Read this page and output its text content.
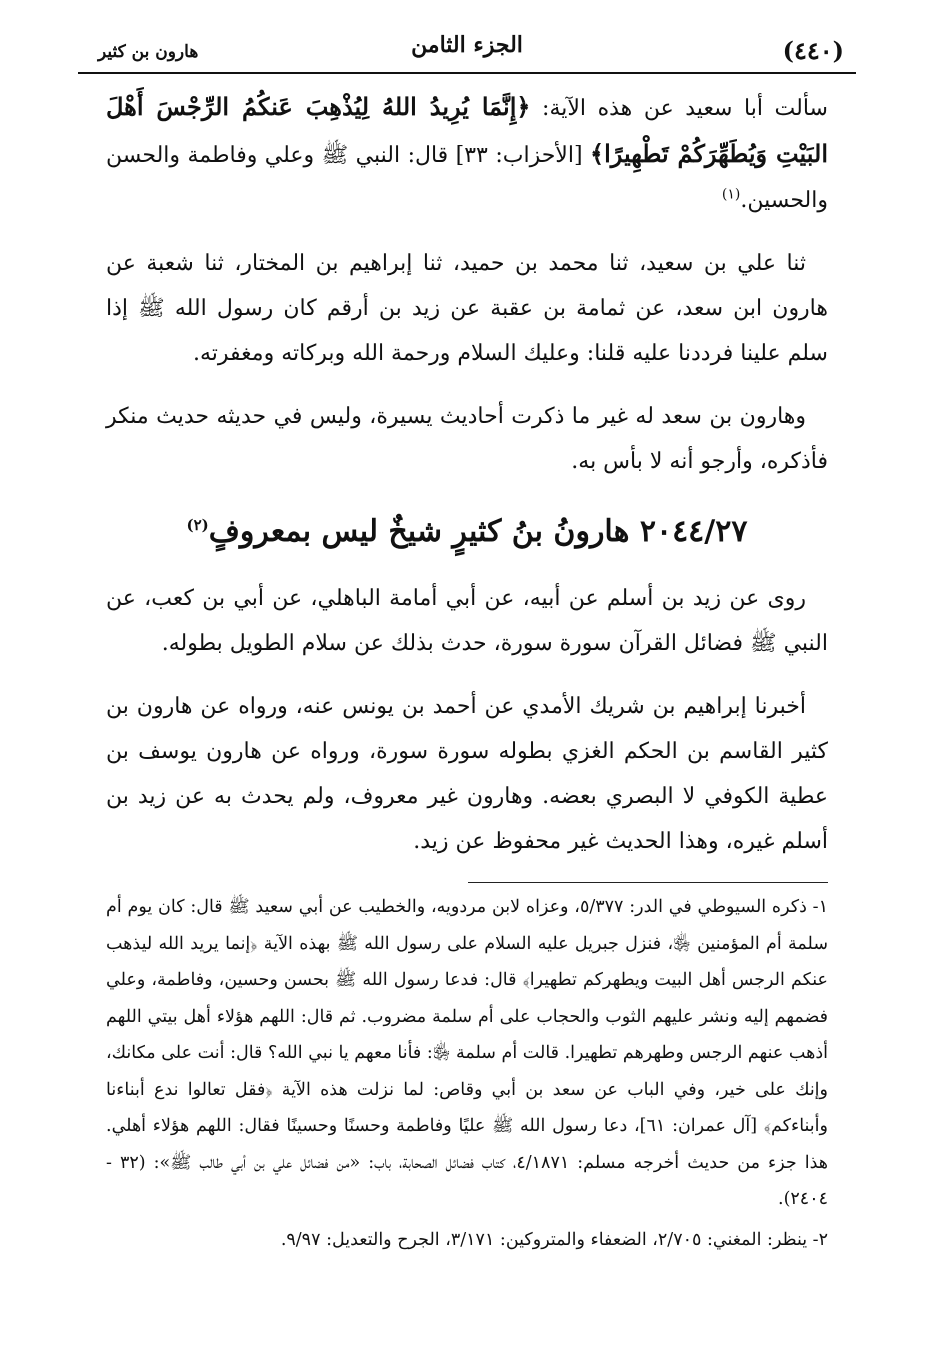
(٤٤٠)
الجزء الثامن
هارون بن كثير

سألت أبا سعيد عن هذه الآية: ﴿إِنَّمَا يُرِيدُ اللهُ لِيُذْهِبَ عَنكُمُ الرِّجْسَ أَهْلَ البَيْتِ وَيُطَهِّرَكُمْ تَطْهِيرًا﴾ [الأحزاب: ٣٣] قال: النبي ﷺ وعلي وفاطمة والحسن والحسين.$^{(١)}$

ثنا علي بن سعيد، ثنا محمد بن حميد، ثنا إبراهيم بن المختار، ثنا شعبة عن هارون ابن سعد، عن ثمامة بن عقبة عن زيد بن أرقم كان رسول الله ﷺ إذا سلم علينا فرددنا عليه قلنا: وعليك السلام ورحمة الله وبركاته ومغفرته.

وهارون بن سعد له غير ما ذكرت أحاديث يسيرة، وليس في حديثه حديث منكر فأذكره، وأرجو أنه لا بأس به.

٢٠٤٤/٢٧ هارونُ بنُ كثيرٍ شيخٌ ليس بمعروفٍ$^{(٢)}$

روى عن زيد بن أسلم عن أبيه، عن أبي أمامة الباهلي، عن أبي بن كعب، عن النبي ﷺ فضائل القرآن سورة سورة، حدث بذلك عن سلام الطويل بطوله.

أخبرنا إبراهيم بن شريك الأمدي عن أحمد بن يونس عنه، ورواه عن هارون بن كثير القاسم بن الحكم الغزي بطوله سورة سورة، ورواه عن هارون يوسف بن عطية الكوفي لا البصري بعضه. وهارون غير معروف، ولم يحدث به عن زيد بن أسلم غيره، وهذا الحديث غير محفوظ عن زيد.

١- ذكره السيوطي في الدر: ٥/٣٧٧، وعزاه لابن مردويه، والخطيب عن أبي سعيد ﷺ قال: كان يوم أم سلمة أم المؤمنين ﵂، فنزل جبريل عليه السلام على رسول الله ﷺ بهذه الآية ﴿إنما يريد الله ليذهب عنكم الرجس أهل البيت ويطهركم تطهيرا﴾ قال: فدعا رسول الله ﷺ بحسن وحسين، وفاطمة، وعلي فضمهم إليه ونشر عليهم الثوب والحجاب على أم سلمة مضروب. ثم قال: اللهم هؤلاء أهل بيتي اللهم أذهب عنهم الرجس وطهرهم تطهيرا. قالت أم سلمة ﵂: فأنا معهم يا نبي الله؟ قال: أنت على مكانك، وإنك على خير، وفي الباب عن سعد بن أبي وقاص: لما نزلت هذه الآية ﴿فقل تعالوا ندع أبناءنا وأبناءكم﴾ [آل عمران: ٦١]، دعا رسول الله ﷺ عليًا وفاطمة وحسنًا وحسينًا فقال: اللهم هؤلاء أهلي. هذا جزء من حديث أخرجه مسلم: ٤/١٨٧١، كتاب فضائل الصحابة، باب: «من فضائل علي بن أبي طالب ﷺ»: (٣٢ - ٢٤٠٤).

٢- ينظر: المغني: ٢/٧٠٥، الضعفاء والمتروكين: ٣/١٧١، الجرح والتعديل: ٩/٩٧.
